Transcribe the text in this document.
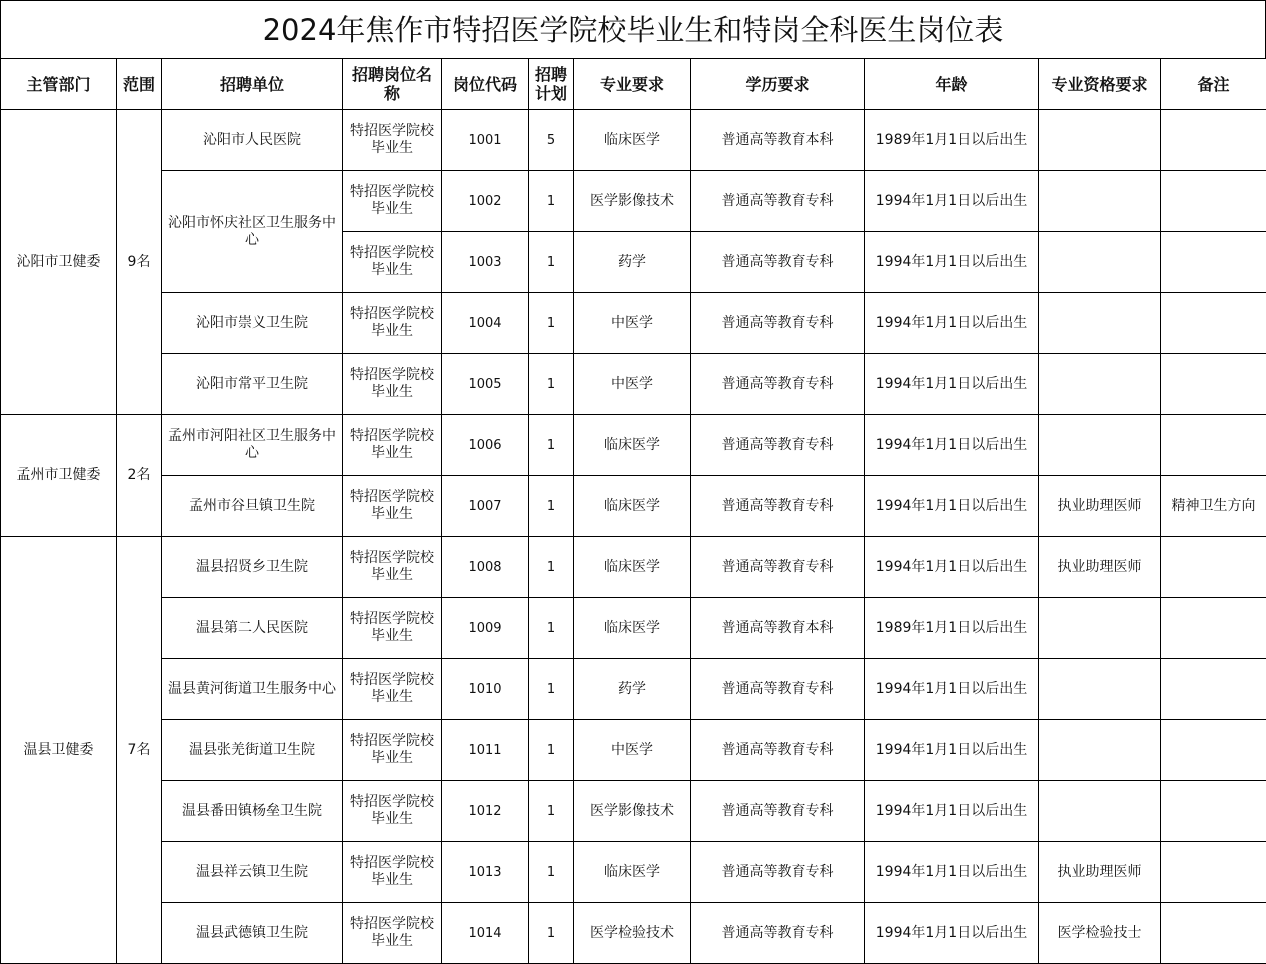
2024年焦作市特招医学院校毕业生和特岗全科医生岗位表
主管部门	范围	招聘单位	招聘岗位名称	岗位代码	招聘计划	专业要求	学历要求	年龄	专业资格要求	备注
沁阳市卫健委	9名	沁阳市人民医院	特招医学院校毕业生	1001	5	临床医学	普通高等教育本科	1989年1月1日以后出生		
		沁阳市怀庆社区卫生服务中心	特招医学院校毕业生	1002	1	医学影像技术	普通高等教育专科	1994年1月1日以后出生		
			特招医学院校毕业生	1003	1	药学	普通高等教育专科	1994年1月1日以后出生		
		沁阳市崇义卫生院	特招医学院校毕业生	1004	1	中医学	普通高等教育专科	1994年1月1日以后出生		
		沁阳市常平卫生院	特招医学院校毕业生	1005	1	中医学	普通高等教育专科	1994年1月1日以后出生		
孟州市卫健委	2名	孟州市河阳社区卫生服务中心	特招医学院校毕业生	1006	1	临床医学	普通高等教育专科	1994年1月1日以后出生		
		孟州市谷旦镇卫生院	特招医学院校毕业生	1007	1	临床医学	普通高等教育专科	1994年1月1日以后出生	执业助理医师	精神卫生方向
温县卫健委	7名	温县招贤乡卫生院	特招医学院校毕业生	1008	1	临床医学	普通高等教育专科	1994年1月1日以后出生	执业助理医师	
		温县第二人民医院	特招医学院校毕业生	1009	1	临床医学	普通高等教育本科	1989年1月1日以后出生		
		温县黄河街道卫生服务中心	特招医学院校毕业生	1010	1	药学	普通高等教育专科	1994年1月1日以后出生		
		温县张羌街道卫生院	特招医学院校毕业生	1011	1	中医学	普通高等教育专科	1994年1月1日以后出生		
		温县番田镇杨垒卫生院	特招医学院校毕业生	1012	1	医学影像技术	普通高等教育专科	1994年1月1日以后出生		
		温县祥云镇卫生院	特招医学院校毕业生	1013	1	临床医学	普通高等教育专科	1994年1月1日以后出生	执业助理医师	
		温县武德镇卫生院	特招医学院校毕业生	1014	1	医学检验技术	普通高等教育专科	1994年1月1日以后出生	医学检验技士	
